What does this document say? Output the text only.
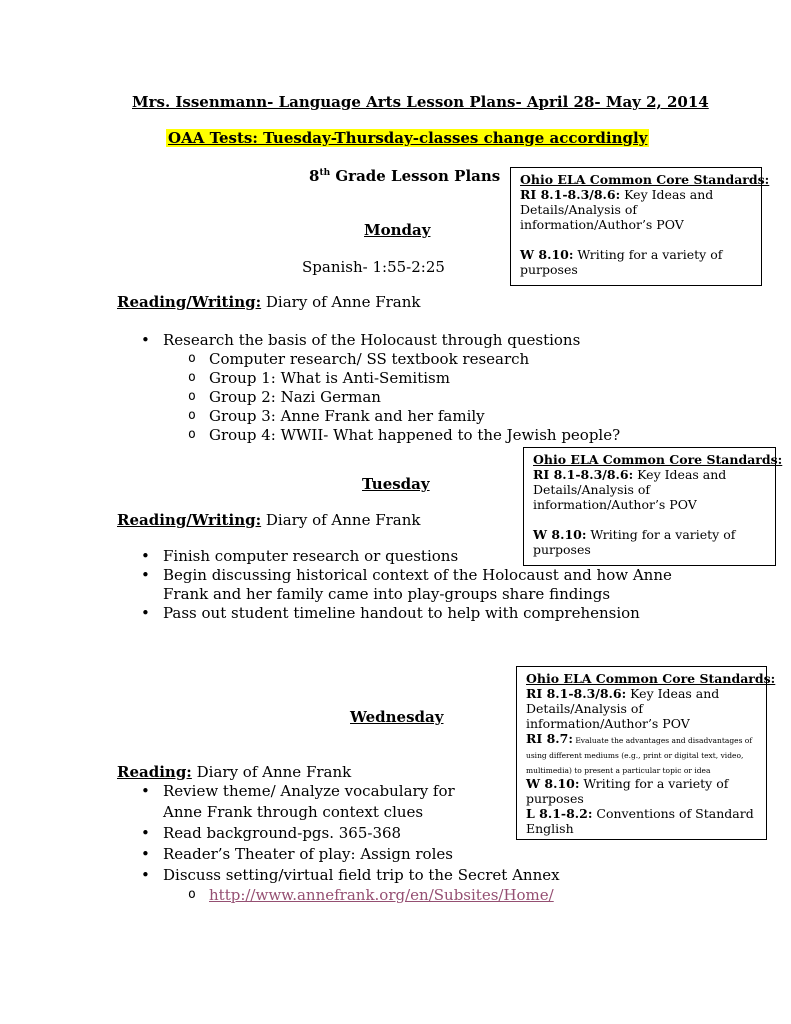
Mrs. Issenmann- Language Arts Lesson Plans- April 28- May 2, 2014
OAA Tests: Tuesday-Thursday-classes change accordingly
8th Grade Lesson Plans Ohio ELA Common Core Standards:
RI 8.1-8.3/8.6: Key Ideas and Details/Analysis of information/Author’s POV
W 8.10: Writing for a variety of purposes
Monday
Spanish- 1:55-2:25
Reading/Writing: Diary of Anne Frank
• Research the basis of the Holocaust through questions
o Computer research/ SS textbook research
o Group 1: What is Anti-Semitism
o Group 2: Nazi German
o Group 3: Anne Frank and her family
o Group 4: WWII- What happened to the Jewish people?
Ohio ELA Common Core Standards:
RI 8.1-8.3/8.6: Key Ideas and Details/Analysis of information/Author’s POV
W 8.10: Writing for a variety of purposes
Tuesday
Reading/Writing: Diary of Anne Frank
• Finish computer research or questions
• Begin discussing historical context of the Holocaust and how Anne
Frank and her family came into play-groups share findings
• Pass out student timeline handout to help with comprehension
Ohio ELA Common Core Standards:
RI 8.1-8.3/8.6: Key Ideas and Details/Analysis of information/Author’s POV
RI 8.7: Evaluate the advantages and disadvantages of using different mediums (e.g., print or digital text, video, multimedia) to present a particular topic or idea
W 8.10: Writing for a variety of purposes
L 8.1-8.2: Conventions of Standard English
Wednesday
Reading: Diary of Anne Frank
• Review theme/ Analyze vocabulary for
Anne Frank through context clues
• Read background-pgs. 365-368
• Reader’s Theater of play: Assign roles
• Discuss setting/virtual field trip to the Secret Annex
o http://www.annefrank.org/en/Subsites/Home/
